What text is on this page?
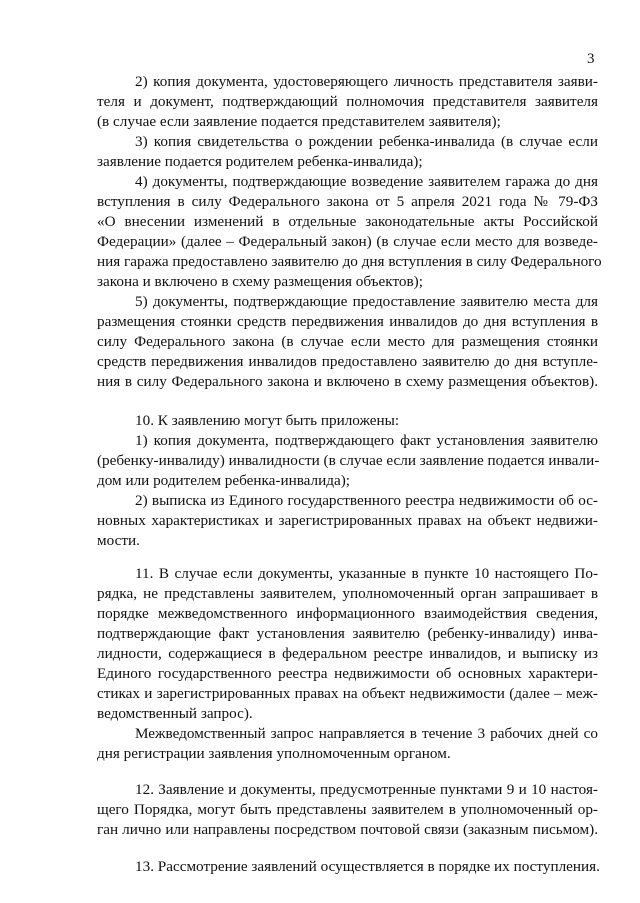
3
2) копия документа, удостоверяющего личность представителя заяви-
теля и документ, подтверждающий полномочия представителя заявителя
(в случае если заявление подается представителем заявителя);
3) копия свидетельства о рождении ребенка-инвалида (в случае если
заявление подается родителем ребенка-инвалида);
4) документы, подтверждающие возведение заявителем гаража до дня
вступления в силу Федерального закона от 5 апреля 2021 года № 79-ФЗ
«О внесении изменений в отдельные законодательные акты Российской
Федерации» (далее – Федеральный закон) (в случае если место для возведе-
ния гаража предоставлено заявителю до дня вступления в силу Федерального
закона и включено в схему размещения объектов);
5) документы, подтверждающие предоставление заявителю места для
размещения стоянки средств передвижения инвалидов до дня вступления в
силу Федерального закона (в случае если место для размещения стоянки
средств передвижения инвалидов предоставлено заявителю до дня вступле-
ния в силу Федерального закона и включено в схему размещения объектов).
10. К заявлению могут быть приложены:
1) копия документа, подтверждающего факт установления заявителю
(ребенку-инвалиду) инвалидности (в случае если заявление подается инвали-
дом или родителем ребенка-инвалида);
2) выписка из Единого государственного реестра недвижимости об ос-
новных характеристиках и зарегистрированных правах на объект недвижи-
мости.
11. В случае если документы, указанные в пункте 10 настоящего По-
рядка, не представлены заявителем, уполномоченный орган запрашивает в
порядке межведомственного информационного взаимодействия сведения,
подтверждающие факт установления заявителю (ребенку-инвалиду) инва-
лидности, содержащиеся в федеральном реестре инвалидов, и выписку из
Единого государственного реестра недвижимости об основных характери-
стиках и зарегистрированных правах на объект недвижимости (далее – меж-
ведомственный запрос).
Межведомственный запрос направляется в течение 3 рабочих дней со
дня регистрации заявления уполномоченным органом.
12. Заявление и документы, предусмотренные пунктами 9 и 10 настоя-
щего Порядка, могут быть представлены заявителем в уполномоченный ор-
ган лично или направлены посредством почтовой связи (заказным письмом).
13. Рассмотрение заявлений осуществляется в порядке их поступления.
